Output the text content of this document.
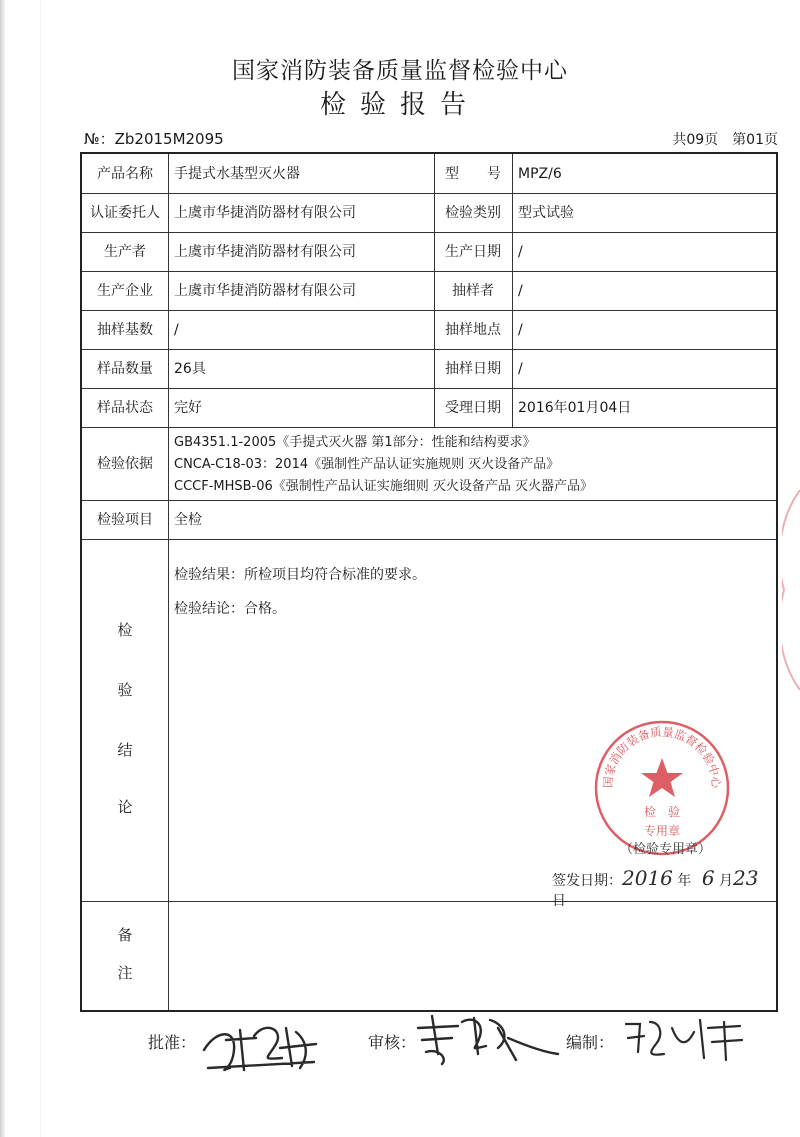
国家消防装备质量监督检验中心
检验报告
№：Zb2015M2095	共09页 第01页
产品名称	手提式水基型灭火器	型　　号	MPZ/6
认证委托人	上虞市华捷消防器材有限公司	检验类别	型式试验
生产者	上虞市华捷消防器材有限公司	生产日期	/
生产企业	上虞市华捷消防器材有限公司	抽样者	/
抽样基数	/	抽样地点	/
样品数量	26具	抽样日期	/
样品状态	完好	受理日期	2016年01月04日
检验依据
GB4351.1-2005《手提式灭火器 第1部分：性能和结构要求》
CNCA-C18-03：2014《强制性产品认证实施规则 灭火设备产品》
CCCF-MHSB-06《强制性产品认证实施细则 灭火设备产品 灭火器产品》
检验项目	全检
检
验
结
论
检验结果：所检项目均符合标准的要求。
检验结论：合格。
签发日期：2016 年 6 月23 日
备
注
国家消防装备质量监督检验中心
检　验
专用章
（检验专用章）
批准：	审核：	编制：
